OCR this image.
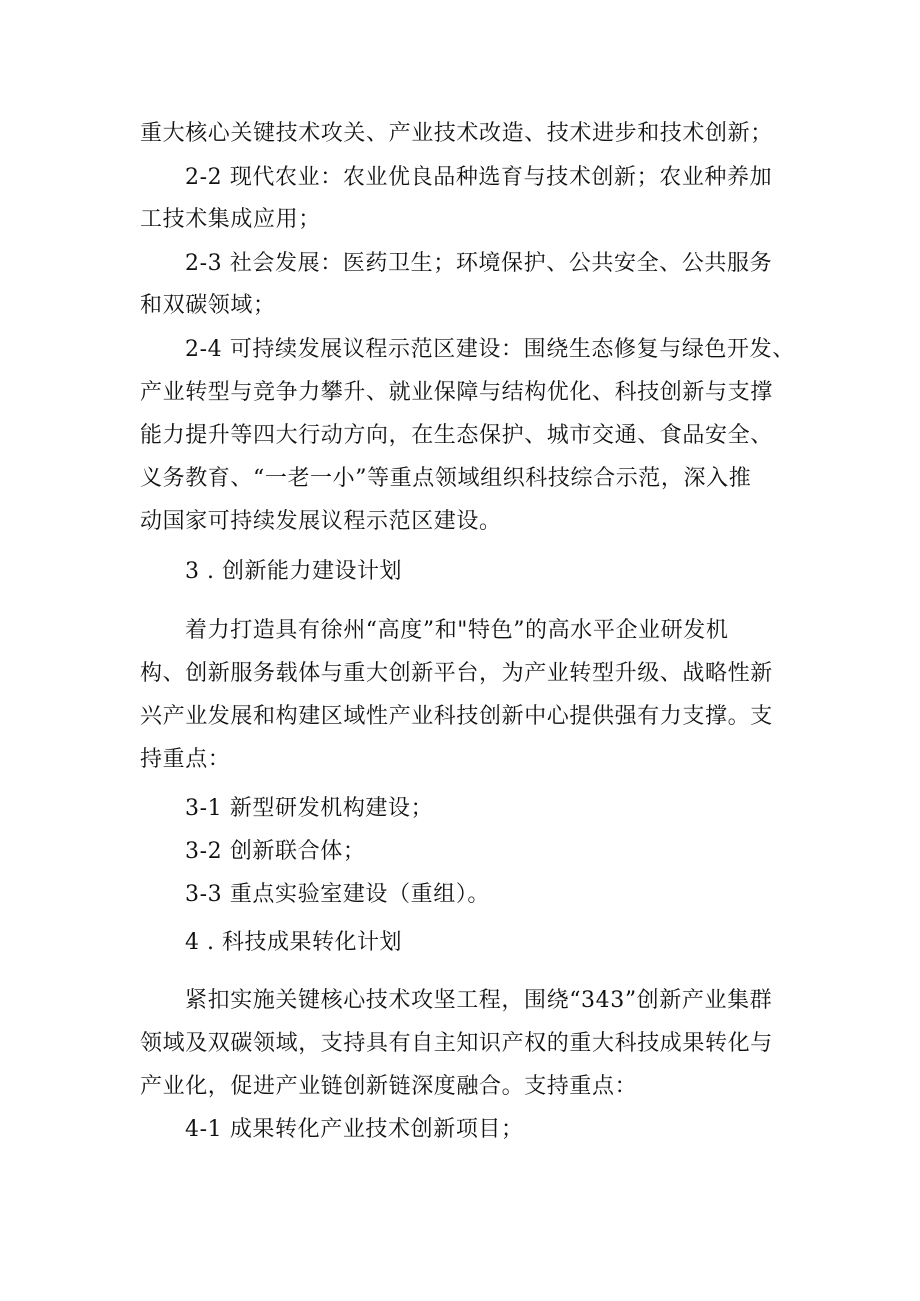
重大核心关键技术攻关、产业技术改造、技术进步和技术创新；
2-2 现代农业：农业优良品种选育与技术创新；农业种养加
工技术集成应用；
2-3 社会发展：医药卫生；环境保护、公共安全、公共服务
和双碳领域；
2-4 可持续发展议程示范区建设：围绕生态修复与绿色开发、
产业转型与竞争力攀升、就业保障与结构优化、科技创新与支撑
能力提升等四大行动方向，在生态保护、城市交通、食品安全、
义务教育、“一老一小”等重点领域组织科技综合示范，深入推
动国家可持续发展议程示范区建设。
3 . 创新能力建设计划
着力打造具有徐州“高度”和"特色”的高水平企业研发机
构、创新服务载体与重大创新平台，为产业转型升级、战略性新
兴产业发展和构建区域性产业科技创新中心提供强有力支撑。支
持重点：
3-1 新型研发机构建设；
3-2 创新联合体；
3-3 重点实验室建设（重组）。
4 . 科技成果转化计划
紧扣实施关键核心技术攻坚工程，围绕“343”创新产业集群
领域及双碳领域，支持具有自主知识产权的重大科技成果转化与
产业化，促进产业链创新链深度融合。支持重点：
4-1 成果转化产业技术创新项目；
